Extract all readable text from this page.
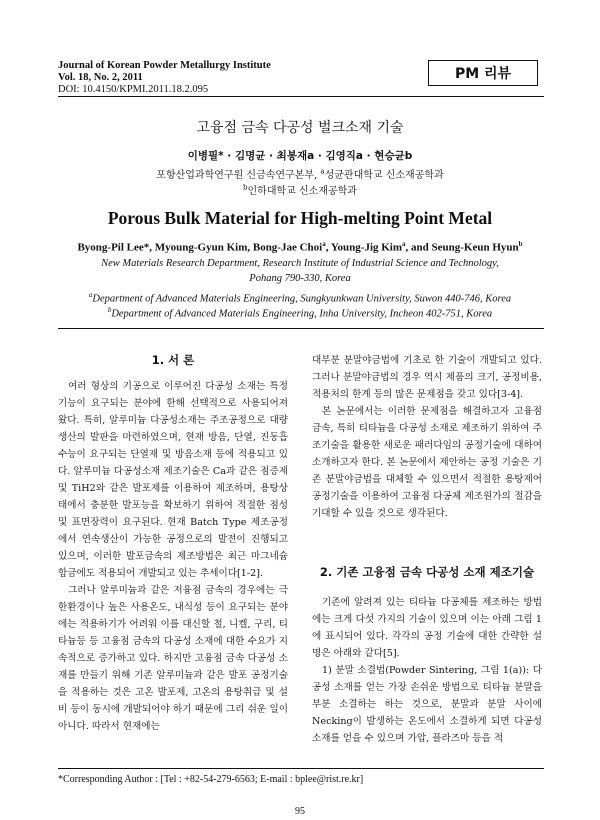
Journal of Korean Powder Metallurgy Institute
Vol. 18, No. 2, 2011
DOI: 10.4150/KPMI.2011.18.2.095
PM 리뷰
고융점 금속 다공성 벌크소재 기술
이병필* · 김명균 · 최봉재a · 김영직a · 현승균b
포항산업과학연구원 신금속연구본부, $^a$성균관대학교 신소재공학과
$^b$인하대학교 신소재공학과
Porous Bulk Material for High-melting Point Metal
Byong-Pil Lee*, Myoung-Gyun Kim, Bong-Jae Choi$^a$, Young-Jig Kim$^a$, and Seung-Keun Hyun$^b$
New Materials Research Department, Research Institute of Industrial Science and Technology,
Pohang 790-330, Korea
$^a$Department of Advanced Materials Engineering, Sungkyunkwan University, Suwon 440-746, Korea
$^b$Department of Advanced Materials Engineering, Inha University, Incheon 402-751, Korea
1. 서 론

여러 형상의 기공으로 이루어진 다공성 소재는 특정 기능이 요구되는 분야에 한해 선택적으로 사용되어져 왔다. 특히, 알루미늄 다공성소재는 주조공정으로 대량생산의 발판을 마련하였으며, 현재 방음, 단열, 진동흡수능이 요구되는 단열재 및 방음소재 등에 적용되고 있다. 알루미늄 다공성소재 제조기술은 Ca과 같은 점증제 및 TiH2와 같은 발포제를 이용하여 제조하며, 용탕상태에서 충분한 발포능을 확보하기 위하여 적절한 점성 및 표면장력이 요구된다. 현재 Batch Type 제조공정에서 연속생산이 가능한 공정으로의 발전이 진행되고 있으며, 이러한 발포금속의 제조방법은 최근 마그네슘 합금에도 적용되어 개발되고 있는 추세이다[1-2].

그러나 알루미늄과 같은 저융점 금속의 경우에는 극한환경이나 높은 사용온도, 내식성 등이 요구되는 분야에는 적용하기가 어려워 이를 대신할 철, 니켈, 구리, 티타늄등 등 고융점 금속의 다공성 소재에 대한 수요가 지속적으로 증가하고 있다. 하지만 고융점 금속 다공성 소재를 만들기 위해 기존 알루미늄과 같은 발포 공정기술을 적용하는 것은 고온 발포제, 고온의 용탕취급 및 설비 등이 동시에 개발되어야 하기 때문에 그리 쉬운 일이 아니다. 따라서 현재에는

대부분 분말야금법에 기초로 한 기술이 개발되고 있다. 그러나 분말야금법의 경우 역시 제품의 크기, 공정비용, 적용처의 한계 등의 많은 문제점을 갖고 있다[3-4].

본 논문에서는 이러한 문제점을 해결하고자 고융점 금속, 특히 티타늄을 다공성 소재로 제조하기 위하여 주조기술을 활용한 새로운 패러다임의 공정기술에 대하여 소개하고자 한다. 본 논문에서 제안하는 공정 기술은 기존 분말야금법을 대체할 수 있으면서 적절한 용탕제어공정기술을 이용하여 고융점 다공체 제조원가의 절감을 기대할 수 있을 것으로 생각된다.

2. 기존 고융점 금속 다공성 소재 제조기술

기존에 알려져 있는 티타늄 다공체를 제조하는 방법에는 크게 다섯 가지의 기술이 있으며 이는 아래 그림 1에 표시되어 있다. 각각의 공정 기술에 대한 간략한 설명은 아래와 같다[5].

1) 분말 소결법(Powder Sintering, 그림 1(a)): 다공성 소재를 얻는 가장 손쉬운 방법으로 티타늄 분말을 부분 소결하는 하는 것으로, 분말과 분말 사이에 Necking이 발생하는 온도에서 소결하게 되면 다공성 소재를 얻을 수 있으며 가압, 플라즈마 등을 적

*Corresponding Author : [Tel : +82-54-279-6563; E-mail : bplee@rist.re.kr]
95
